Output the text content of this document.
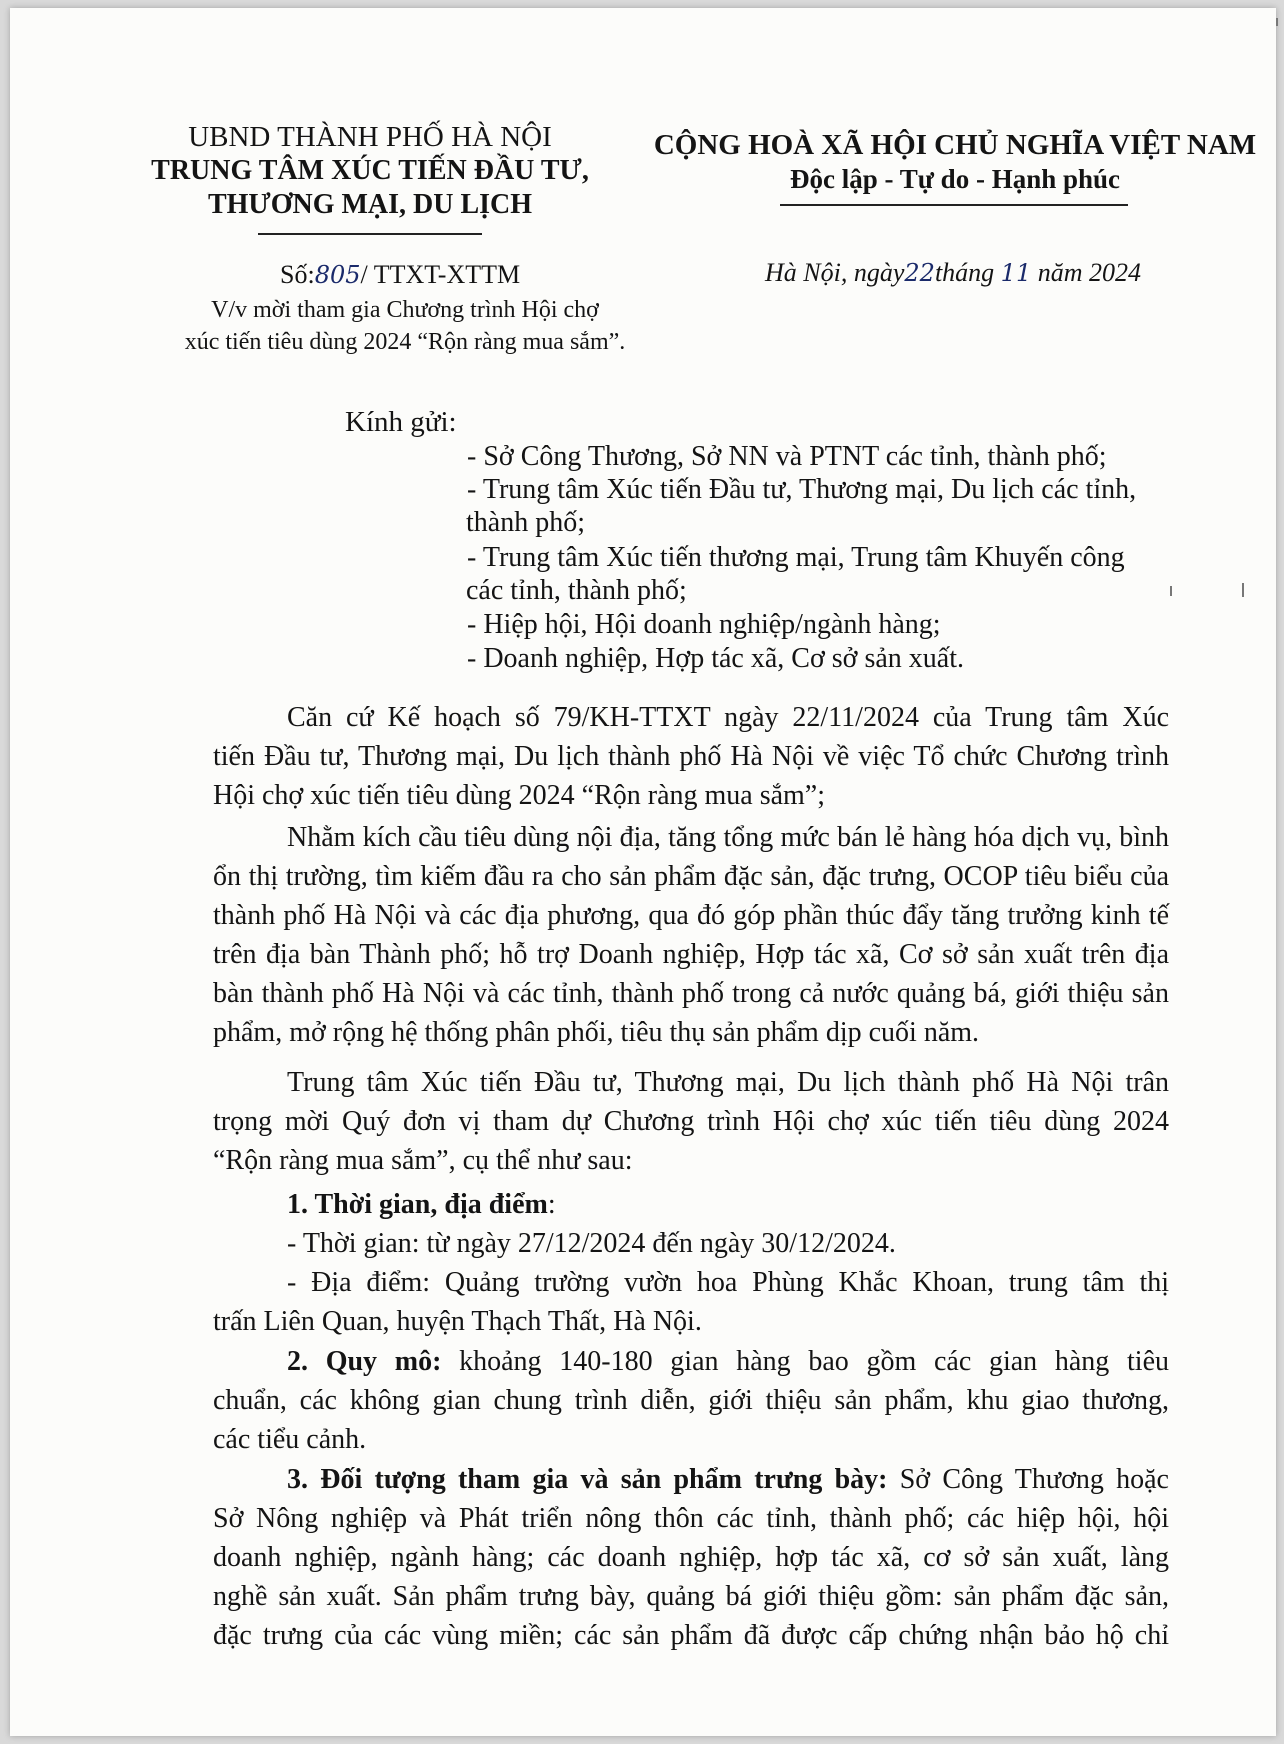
UBND THÀNH PHỐ HÀ NỘI
TRUNG TÂM XÚC TIẾN ĐẦU TƯ,
THƯƠNG MẠI, DU LỊCH
CỘNG HOÀ XÃ HỘI CHỦ NGHĨA VIỆT NAM
Độc lập - Tự do - Hạnh phúc
Số:805/ TTXT-XTTM	Hà Nội, ngày22tháng 11 năm 2024
V/v mời tham gia Chương trình Hội chợ
xúc tiến tiêu dùng 2024 “Rộn ràng mua sắm”.
Kính gửi:
- Sở Công Thương, Sở NN và PTNT các tỉnh, thành phố;
- Trung tâm Xúc tiến Đầu tư, Thương mại, Du lịch các tỉnh,
thành phố;
- Trung tâm Xúc tiến thương mại, Trung tâm Khuyến công
các tỉnh, thành phố;
- Hiệp hội, Hội doanh nghiệp/ngành hàng;
- Doanh nghiệp, Hợp tác xã, Cơ sở sản xuất.
Căn cứ Kế hoạch số 79/KH-TTXT ngày 22/11/2024 của Trung tâm Xúc
tiến Đầu tư, Thương mại, Du lịch thành phố Hà Nội về việc Tổ chức Chương trình
Hội chợ xúc tiến tiêu dùng 2024 “Rộn ràng mua sắm”;
Nhằm kích cầu tiêu dùng nội địa, tăng tổng mức bán lẻ hàng hóa dịch vụ, bình
ổn thị trường, tìm kiếm đầu ra cho sản phẩm đặc sản, đặc trưng, OCOP tiêu biểu của
thành phố Hà Nội và các địa phương, qua đó góp phần thúc đẩy tăng trưởng kinh tế
trên địa bàn Thành phố; hỗ trợ Doanh nghiệp, Hợp tác xã, Cơ sở sản xuất trên địa
bàn thành phố Hà Nội và các tỉnh, thành phố trong cả nước quảng bá, giới thiệu sản
phẩm, mở rộng hệ thống phân phối, tiêu thụ sản phẩm dịp cuối năm.
Trung tâm Xúc tiến Đầu tư, Thương mại, Du lịch thành phố Hà Nội trân
trọng mời Quý đơn vị tham dự Chương trình Hội chợ xúc tiến tiêu dùng 2024
“Rộn ràng mua sắm”, cụ thể như sau:
1. Thời gian, địa điểm:
- Thời gian: từ ngày 27/12/2024 đến ngày 30/12/2024.
- Địa điểm: Quảng trường vườn hoa Phùng Khắc Khoan, trung tâm thị
trấn Liên Quan, huyện Thạch Thất, Hà Nội.
2. Quy mô: khoảng 140-180 gian hàng bao gồm các gian hàng tiêu
chuẩn, các không gian chung trình diễn, giới thiệu sản phẩm, khu giao thương,
các tiểu cảnh.
3. Đối tượng tham gia và sản phẩm trưng bày: Sở Công Thương hoặc
Sở Nông nghiệp và Phát triển nông thôn các tỉnh, thành phố; các hiệp hội, hội
doanh nghiệp, ngành hàng; các doanh nghiệp, hợp tác xã, cơ sở sản xuất, làng
nghề sản xuất. Sản phẩm trưng bày, quảng bá giới thiệu gồm: sản phẩm đặc sản,
đặc trưng của các vùng miền; các sản phẩm đã được cấp chứng nhận bảo hộ chỉ
